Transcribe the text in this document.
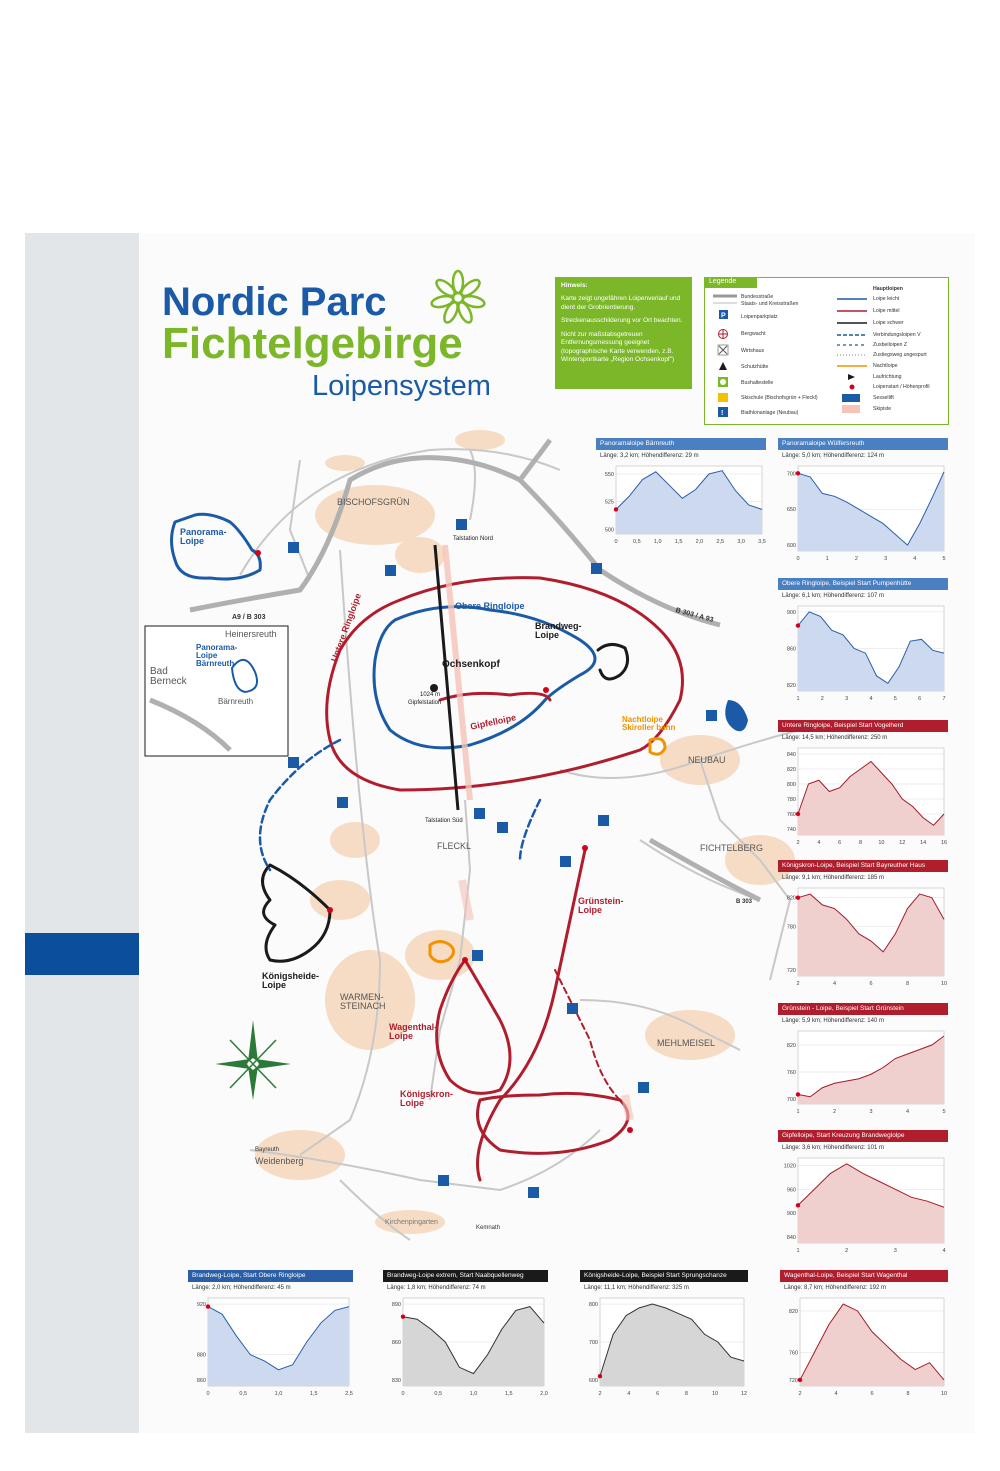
Nordic Parc
Fichtelgebirge
Loipensystem
Hinweis:
Karte zeigt ungefähren Loipenverlauf und dient der Grobrientierung.
Streckenausschilderung vor Ort beachten.
Nicht zur maßstabsgetreuen Entfernungsmessung geeignet (topographische Karte verwenden, z.B. Wintersportkarte „Region Ochsenkopf")
Legende
Bundesstraße
Staats- und Kreisstraßen
Loipenparkplatz
Bergwacht
Wirtshaus
Schutzhütte
Bushaltestelle
Skischule (Bischofsgrün + Fleckl)
Biathlonanlage (Neubau)
P
!
Hauptloipen
Loipe leicht
Loipe mittel
Loipe schwer
Verbindungsloipen V
Zusbeiloipen Z
Zustiegsweg ungespurt
Nachtloipe
Laufrichtung
Loipenstart / Höhenprofil
Sessellift
Skipiste
BISCHOFSGRÜN
NEUBAU
FLECKL	FICHTELBERG
WARMEN-STEINACH
MEHLMEISEL
Weidenberg
Kirchenpingarten
Panorama-Loipe
Obere Ringloipe
Untere Ringloipe	Brandweg-Loipe
Gipfelloipe	Nachtloipe Skiroller bahn
Grünstein-Loipe
Königsheide-Loipe
Wagenthal-Loipe
Königskron-Loipe
Ochsenkopf
1024 m
Talstation Nord
Gipfelstation
Talstation Süd
A9 / B 303	B 303 / A 93
B 303
Bayreuth
Kemnath
Heinersreuth
Panorama-Loipe Bärnreuth
Bad Berneck
Bärnreuth
Panoramaloipe Bärnreuth
Länge: 3,2 km; Höhendifferenz: 29 m
550
525
500
0	0,5 1,0 1,5 2,0 2,5 3,0 3,5
Panoramaloipe Wülfersreuth
Länge: 5,0 km; Höhendifferenz: 124 m
700
650
600
0	1	2	3	4	5
Obere Ringloipe, Beispiel Start Pumpenhütte
Länge: 6,1 km; Höhendifferenz: 107 m
900
860
820
1	2	3	4	5	6	7
Untere Ringloipe, Beispiel Start Vogelherd
Länge: 14,5 km; Höhendifferenz: 250 m
840
820
800
780
760
740
2	4	6	8	10	12	14	16
Königskron-Loipe, Beispiel Start Bayreuther Haus
Länge: 9,1 km; Höhendifferenz: 185 m
820
780
720
2	4	6	8	10
Grünstein - Loipe, Beispiel Start Grünstein
Länge: 5,9 km; Höhendifferenz: 140 m
820
760
700
1	2	3	4	5
Gipfelloipe, Start Kreuzung Brandweglolpe
Länge: 3,6 km; Höhendifferenz: 101 m
1020
960
900
840
1	2	3	4
Brandweg-Loipe, Start Obere Ringloipe
Länge: 2,0 km; Höhendifferenz: 45 m
920
880
860
0	0,5	1,0	1,5	2,5
Brandweg-Loipe extrem, Start Naabquellenweg
Länge: 1,8 km; Höhendifferenz: 74 m
890
860
830
0	0,5	1,0	1,5	2,0
Königsheide-Loipe, Beispiel Start Sprungschanze
Länge: 11,1 km; Höhendifferenz: 325 m
800
700
600
2	4	6	8	10	12
Wagenthal-Loipe, Beispiel Start Wagenthal
Länge: 8,7 km; Höhendifferenz: 192 m
820
760
720
2	4	6	8	10
